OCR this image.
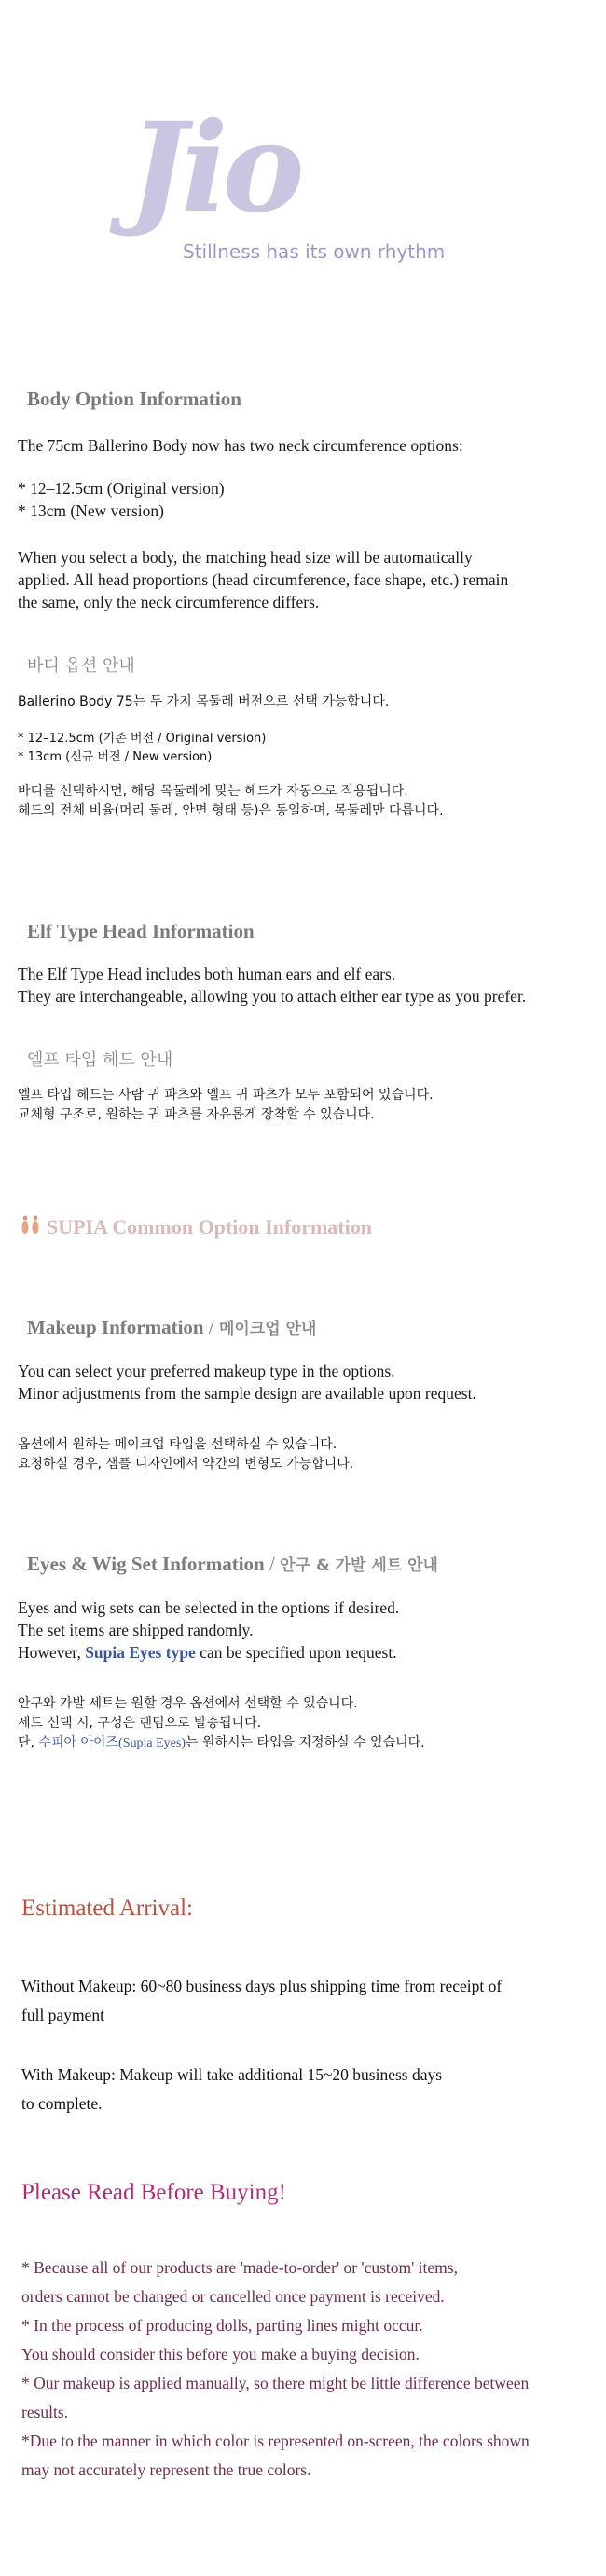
Jio
Stillness has its own rhythm
Body Option Information
The 75cm Ballerino Body now has two neck circumference options:
* 12–12.5cm (Original version)
* 13cm (New version)
When you select a body, the matching head size will be automatically
applied. All head proportions (head circumference, face shape, etc.) remain
the same, only the neck circumference differs.
바디 옵션 안내
Ballerino Body 75는 두 가지 목둘레 버전으로 선택 가능합니다.
* 12–12.5cm (기존 버전 / Original version)
* 13cm (신규 버전 / New version)
바디를 선택하시면, 해당 목둘레에 맞는 헤드가 자동으로 적용됩니다.
헤드의 전체 비율(머리 둘레, 안면 형태 등)은 동일하며, 목둘레만 다릅니다.
Elf Type Head Information
The Elf Type Head includes both human ears and elf ears.
They are interchangeable, allowing you to attach either ear type as you prefer.
엘프 타입 헤드 안내
엘프 타입 헤드는 사람 귀 파츠와 엘프 귀 파츠가 모두 포함되어 있습니다.
교체형 구조로, 원하는 귀 파츠를 자유롭게 장착할 수 있습니다.
SUPIA Common Option Information
Makeup Information / 메이크업 안내
You can select your preferred makeup type in the options.
Minor adjustments from the sample design are available upon request.
옵션에서 원하는 메이크업 타입을 선택하실 수 있습니다.
요청하실 경우, 샘플 디자인에서 약간의 변형도 가능합니다.
Eyes & Wig Set Information / 안구 & 가발 세트 안내
Eyes and wig sets can be selected in the options if desired.
The set items are shipped randomly.
However, Supia Eyes type can be specified upon request.
안구와 가발 세트는 원할 경우 옵션에서 선택할 수 있습니다.
세트 선택 시, 구성은 랜덤으로 발송됩니다.
단, 수피아 아이즈(Supia Eyes)는 원하시는 타입을 지정하실 수 있습니다.
Estimated Arrival:
Without Makeup: 60~80 business days plus shipping time from receipt of
full payment
With Makeup: Makeup will take additional 15~20 business days
to complete.
Please Read Before Buying!
* Because all of our products are 'made-to-order' or 'custom' items,
orders cannot be changed or cancelled once payment is received.
* In the process of producing dolls, parting lines might occur.
You should consider this before you make a buying decision.
* Our makeup is applied manually, so there might be little difference between
results.
*Due to the manner in which color is represented on-screen, the colors shown
may not accurately represent the true colors.
